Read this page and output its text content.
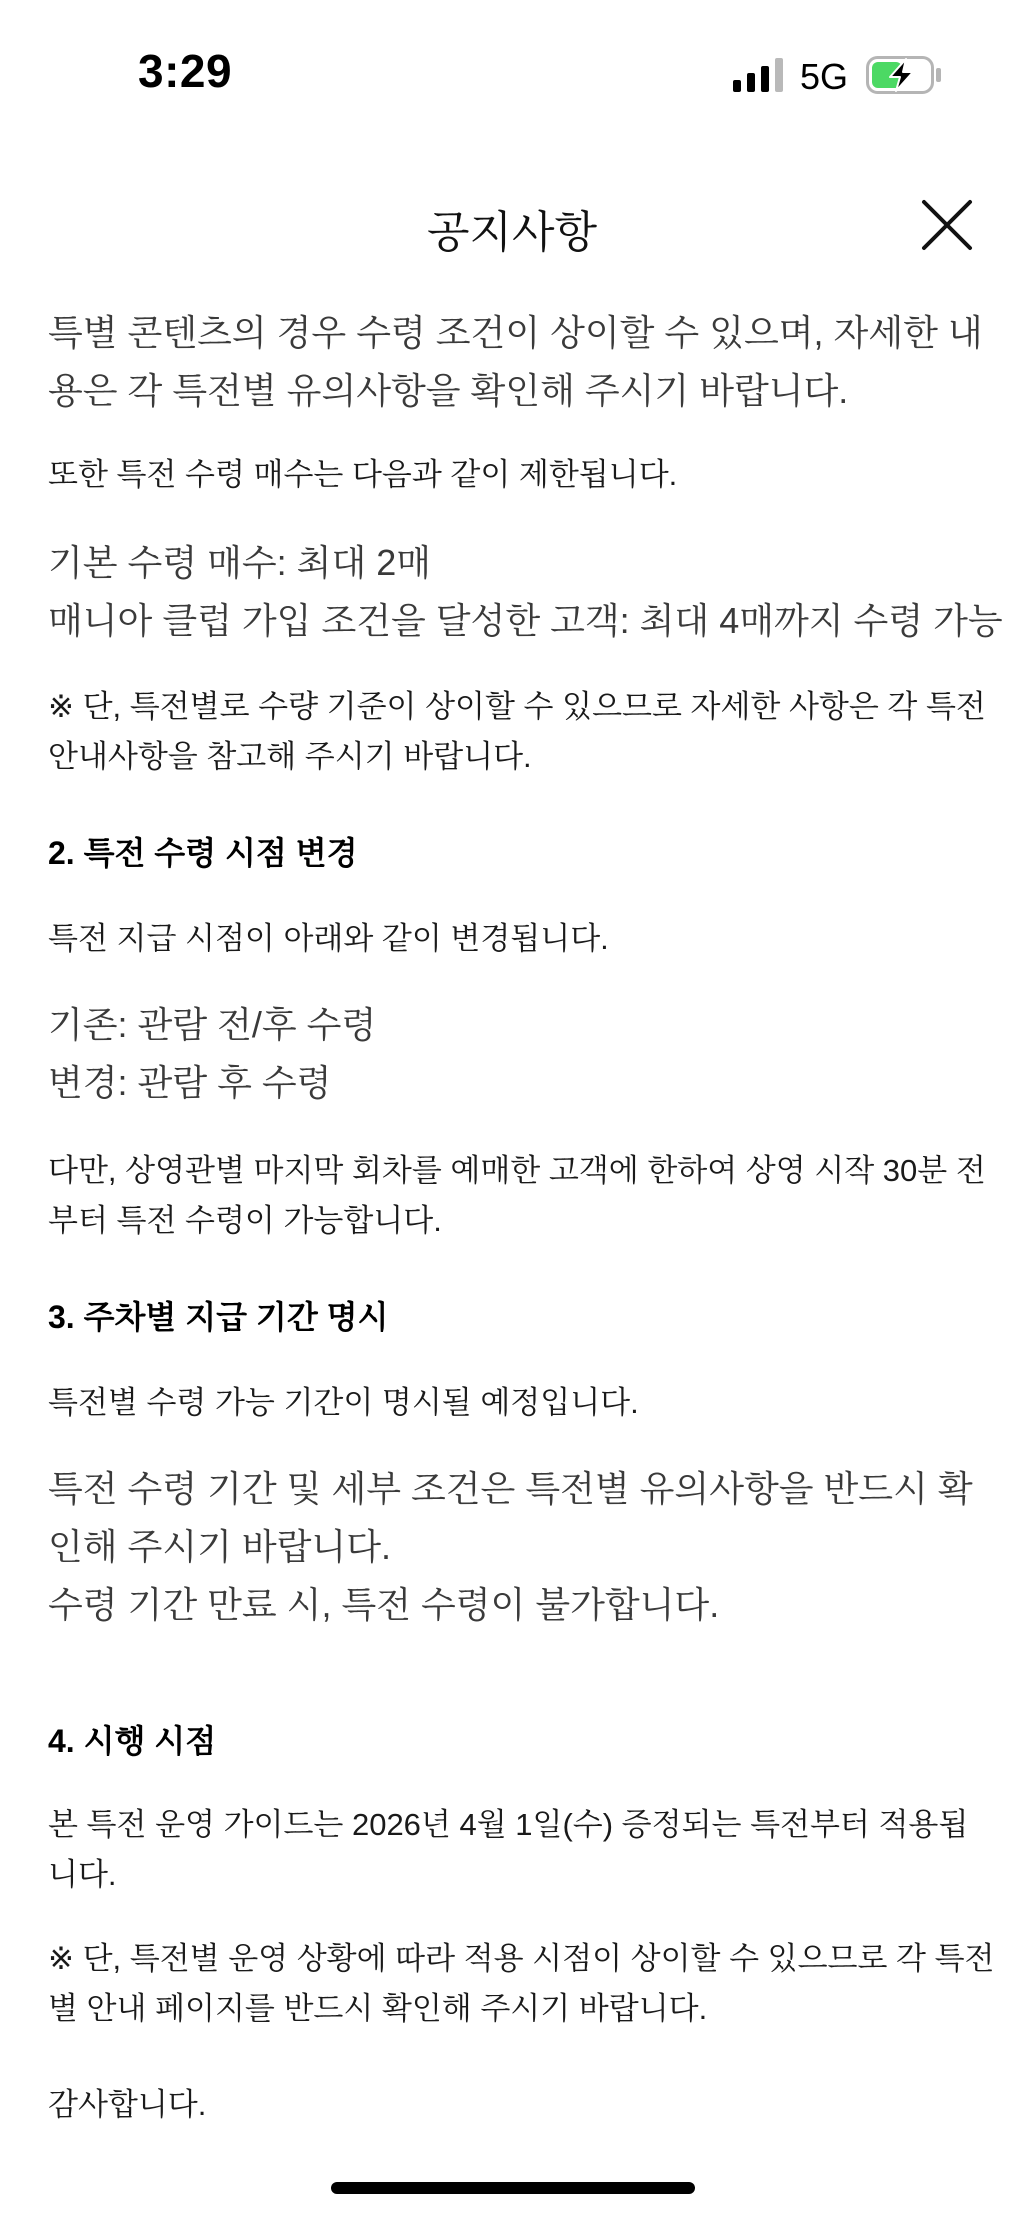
3:29	5G
공지사항

특별 콘텐츠의 경우 수령 조건이 상이할 수 있으며, 자세한 내
용은 각 특전별 유의사항을 확인해 주시기 바랍니다.

또한 특전 수령 매수는 다음과 같이 제한됩니다.

기본 수령 매수: 최대 2매
매니아 클럽 가입 조건을 달성한 고객: 최대 4매까지 수령 가능

※ 단, 특전별로 수량 기준이 상이할 수 있으므로 자세한 사항은 각 특전
안내사항을 참고해 주시기 바랍니다.

2. 특전 수령 시점 변경

특전 지급 시점이 아래와 같이 변경됩니다.

기존: 관람 전/후 수령
변경: 관람 후 수령

다만, 상영관별 마지막 회차를 예매한 고객에 한하여 상영 시작 30분 전
부터 특전 수령이 가능합니다.

3. 주차별 지급 기간 명시

특전별 수령 가능 기간이 명시될 예정입니다.

특전 수령 기간 및 세부 조건은 특전별 유의사항을 반드시 확
인해 주시기 바랍니다.
수령 기간 만료 시, 특전 수령이 불가합니다.

4. 시행 시점

본 특전 운영 가이드는 2026년 4월 1일(수) 증정되는 특전부터 적용됩
니다.

※ 단, 특전별 운영 상황에 따라 적용 시점이 상이할 수 있으므로 각 특전
별 안내 페이지를 반드시 확인해 주시기 바랍니다.

감사합니다.
